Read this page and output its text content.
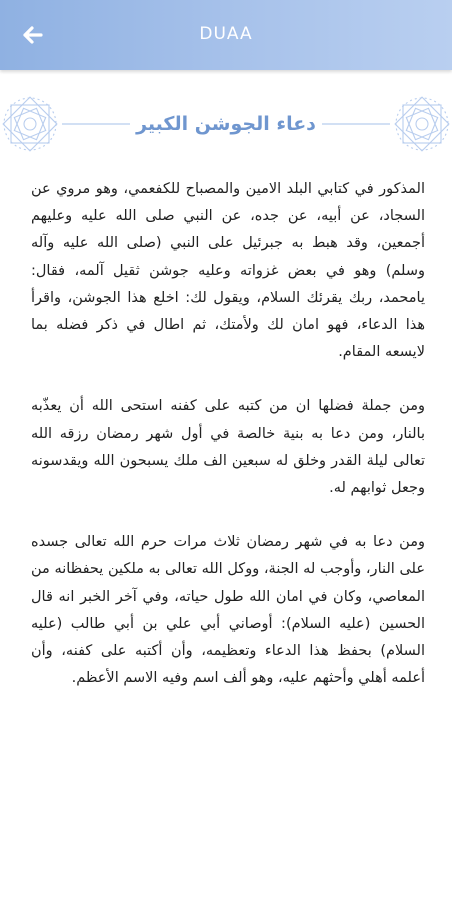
DUAA
دعاء الجوشن الكبير

المذكور في كتابي البلد الامين والمصباح للكفعمي، وهو مروي عن السجاد، عن أبيه، عن جده، عن النبي صلى الله عليه وعليهم أجمعين، وقد هبط به جبرئيل على النبي (صلى الله عليه وآله وسلم) وهو في بعض غزواته وعليه جوشن ثقيل آلمه، فقال: يامحمد، ربك يقرئك السلام، ويقول لك: اخلع هذا الجوشن، واقرأ هذا الدعاء، فهو امان لك ولأمتك، ثم اطال في ذكر فضله بما لايسعه المقام.

ومن جملة فضلها ان من كتبه على كفنه استحى الله أن يعذّبه بالنار، ومن دعا به بنية خالصة في أول شهر رمضان رزقه الله تعالى ليلة القدر وخلق له سبعين الف ملك يسبحون الله ويقدسونه وجعل ثوابهم له.

ومن دعا به في شهر رمضان ثلاث مرات حرم الله تعالى جسده على النار، وأوجب له الجنة، ووكل الله تعالى به ملكين يحفظانه من المعاصي، وكان في امان الله طول حياته، وفي آخر الخبر انه قال الحسين (عليه السلام): أوصاني أبي علي بن أبي طالب (عليه السلام) بحفظ هذا الدعاء وتعظيمه، وأن أكتبه على كفنه، وأن أعلمه أهلي وأحثهم عليه، وهو ألف اسم وفيه الاسم الأعظم.
